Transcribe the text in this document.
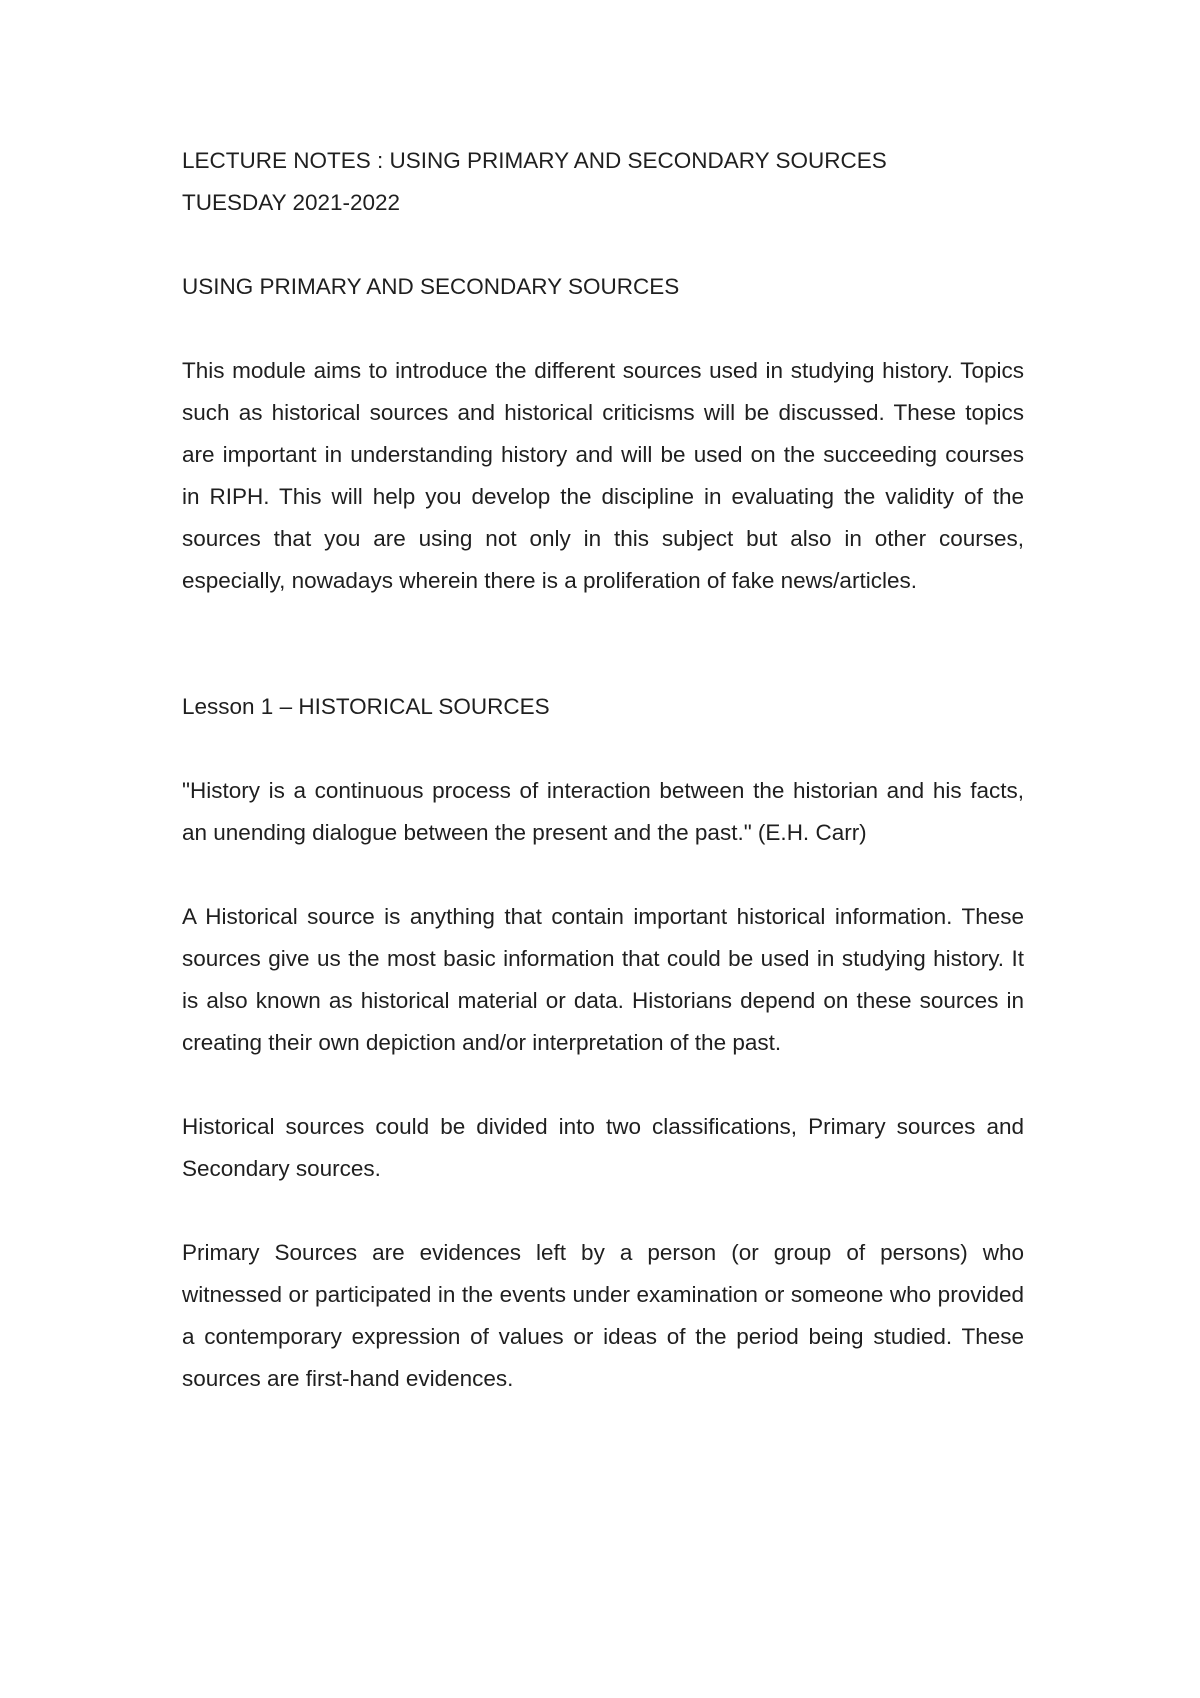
LECTURE NOTES : USING PRIMARY AND SECONDARY SOURCES

TUESDAY 2021-2022

USING PRIMARY AND SECONDARY SOURCES

This module aims to introduce the different sources used in studying history. Topics such as historical sources and historical criticisms will be discussed. These topics are important in understanding history and will be used on the succeeding courses in RIPH. This will help you develop the discipline in evaluating the validity of the sources that you are using not only in this subject but also in other courses, especially, nowadays wherein there is a proliferation of fake news/articles.

Lesson 1 – HISTORICAL SOURCES

"History is a continuous process of interaction between the historian and his facts, an unending dialogue between the present and the past." (E.H. Carr)

A Historical source is anything that contain important historical information. These sources give us the most basic information that could be used in studying history. It is also known as historical material or data. Historians depend on these sources in creating their own depiction and/or interpretation of the past.

Historical sources could be divided into two classifications, Primary sources and Secondary sources.

Primary Sources are evidences left by a person (or group of persons) who witnessed or participated in the events under examination or someone who provided a contemporary expression of values or ideas of the period being studied. These sources are first-hand evidences.
